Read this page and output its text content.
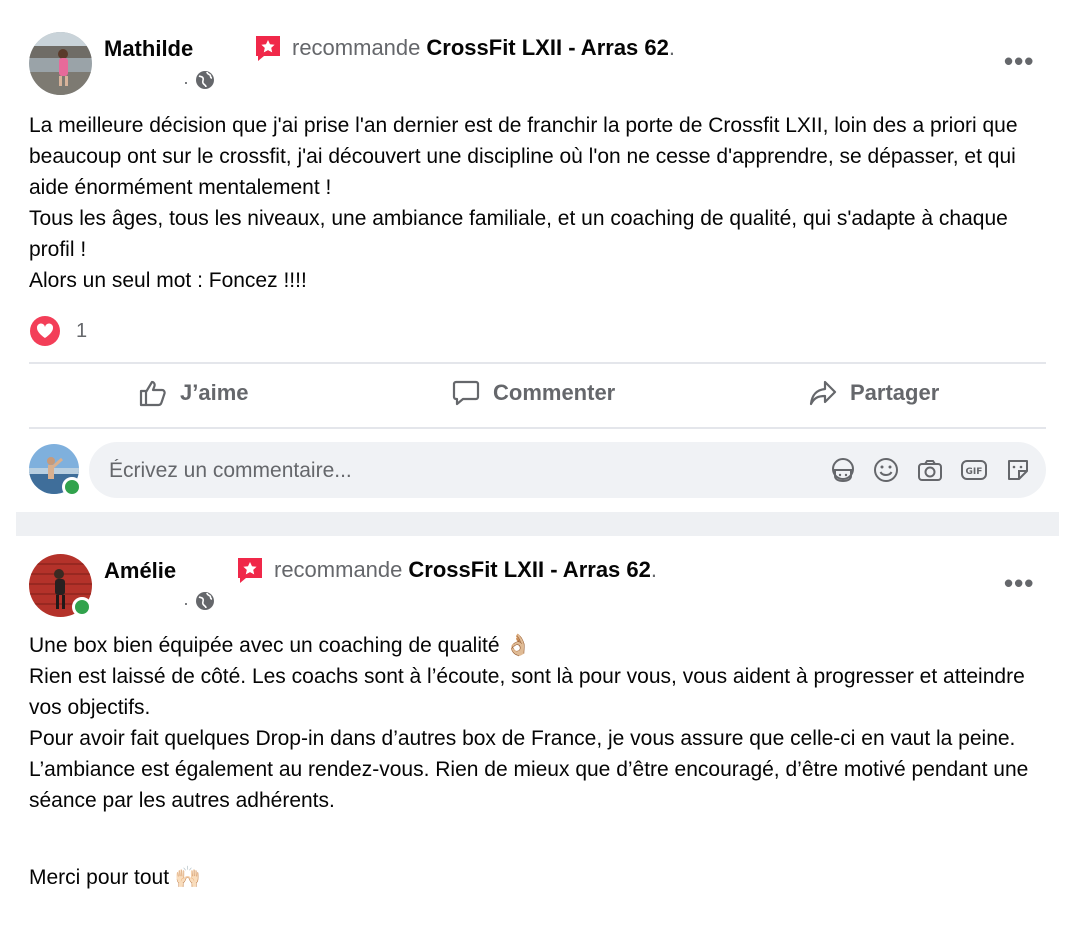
Mathilde
·
recommande CrossFit LXII - Arras 62 .	•••
La meilleure décision que j'ai prise l'an dernier est de franchir la porte de Crossfit LXII, loin des a priori que beaucoup ont sur le crossfit, j'ai découvert une discipline où l'on ne cesse d'apprendre, se dépasser, et qui aide énormément mentalement !
Tous les âges, tous les niveaux, une ambiance familiale, et un coaching de qualité, qui s'adapte à chaque profil !
Alors un seul mot : Foncez !!!!
1
J’aime	Commenter	Partager
Écrivez un commentaire...
GIF
Amélie
·
recommande CrossFit LXII - Arras 62 .	•••
Une box bien équipée avec un coaching de qualité 👌🏼
Rien est laissé de côté. Les coachs sont à l’écoute, sont là pour vous, vous aident à progresser et atteindre vos objectifs.
Pour avoir fait quelques Drop-in dans d’autres box de France, je vous assure que celle-ci en vaut la peine.
L’ambiance est également au rendez-vous. Rien de mieux que d’être encouragé, d’être motivé pendant une séance par les autres adhérents.
Merci pour tout 🙌🏻
